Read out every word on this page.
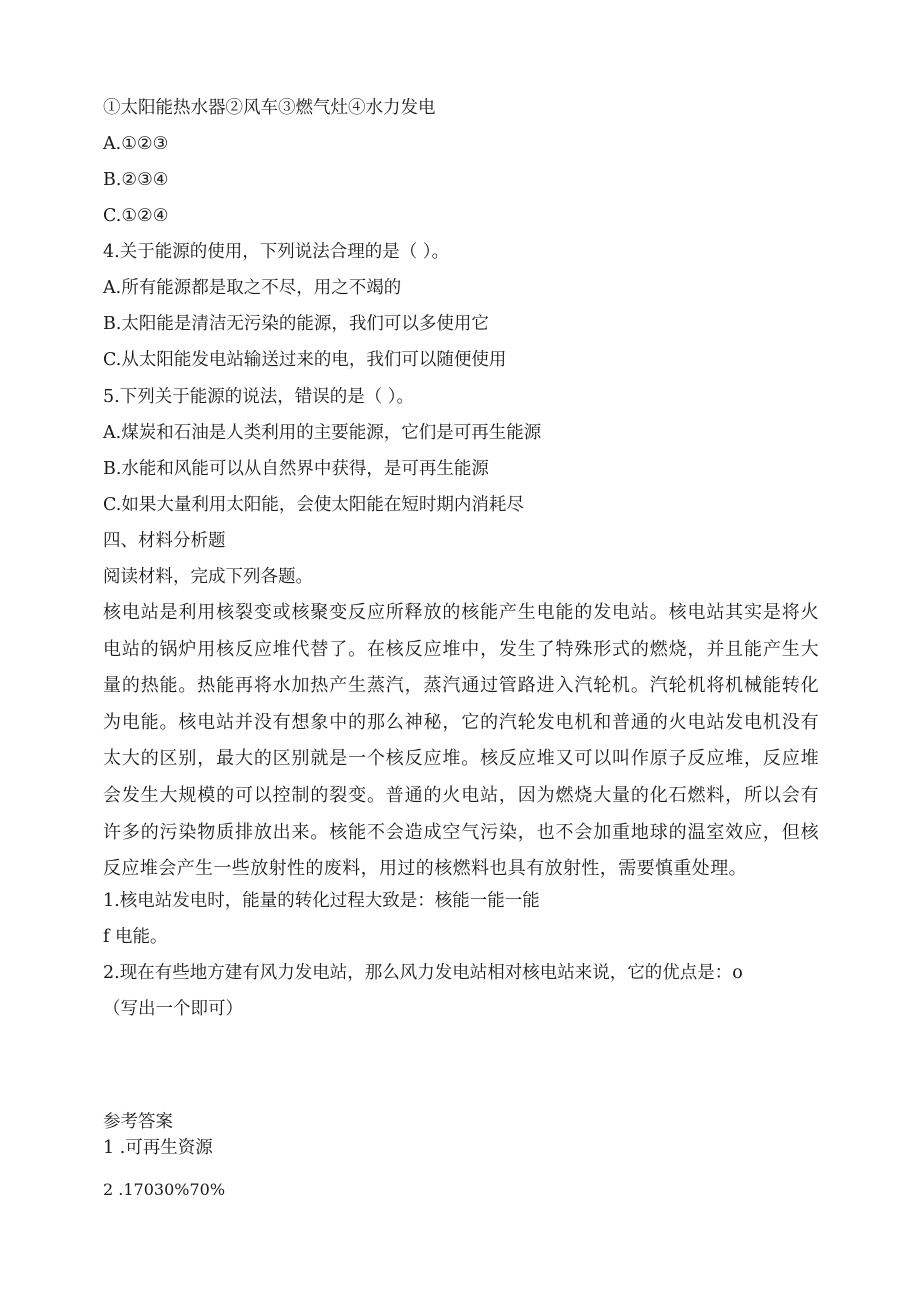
①太阳能热水器②风车③燃气灶④水力发电
A.①②③
B.②③④
C.①②④
4.关于能源的使用，下列说法合理的是（ ）。
A.所有能源都是取之不尽，用之不竭的
B.太阳能是清洁无污染的能源，我们可以多使用它
C.从太阳能发电站输送过来的电，我们可以随便使用
5.下列关于能源的说法，错误的是（ ）。
A.煤炭和石油是人类利用的主要能源，它们是可再生能源
B.水能和风能可以从自然界中获得，是可再生能源
C.如果大量利用太阳能，会使太阳能在短时期内消耗尽
四、材料分析题
阅读材料，完成下列各题。
核电站是利用核裂变或核聚变反应所释放的核能产生电能的发电站。核电站其实是将火电站的锅炉用核反应堆代替了。在核反应堆中，发生了特殊形式的燃烧，并且能产生大量的热能。热能再将水加热产生蒸汽，蒸汽通过管路进入汽轮机。汽轮机将机械能转化为电能。核电站并没有想象中的那么神秘，它的汽轮发电机和普通的火电站发电机没有太大的区别，最大的区别就是一个核反应堆。核反应堆又可以叫作原子反应堆，反应堆会发生大规模的可以控制的裂变。普通的火电站，因为燃烧大量的化石燃料，所以会有许多的污染物质排放出来。核能不会造成空气污染，也不会加重地球的温室效应，但核反应堆会产生一些放射性的废料，用过的核燃料也具有放射性，需要慎重处理。
1.核电站发电时，能量的转化过程大致是：核能一能一能
f 电能。
2.现在有些地方建有风力发电站，那么风力发电站相对核电站来说，它的优点是：o
（写出一个即可）
参考答案
1 .可再生资源
2 .17030%70%
